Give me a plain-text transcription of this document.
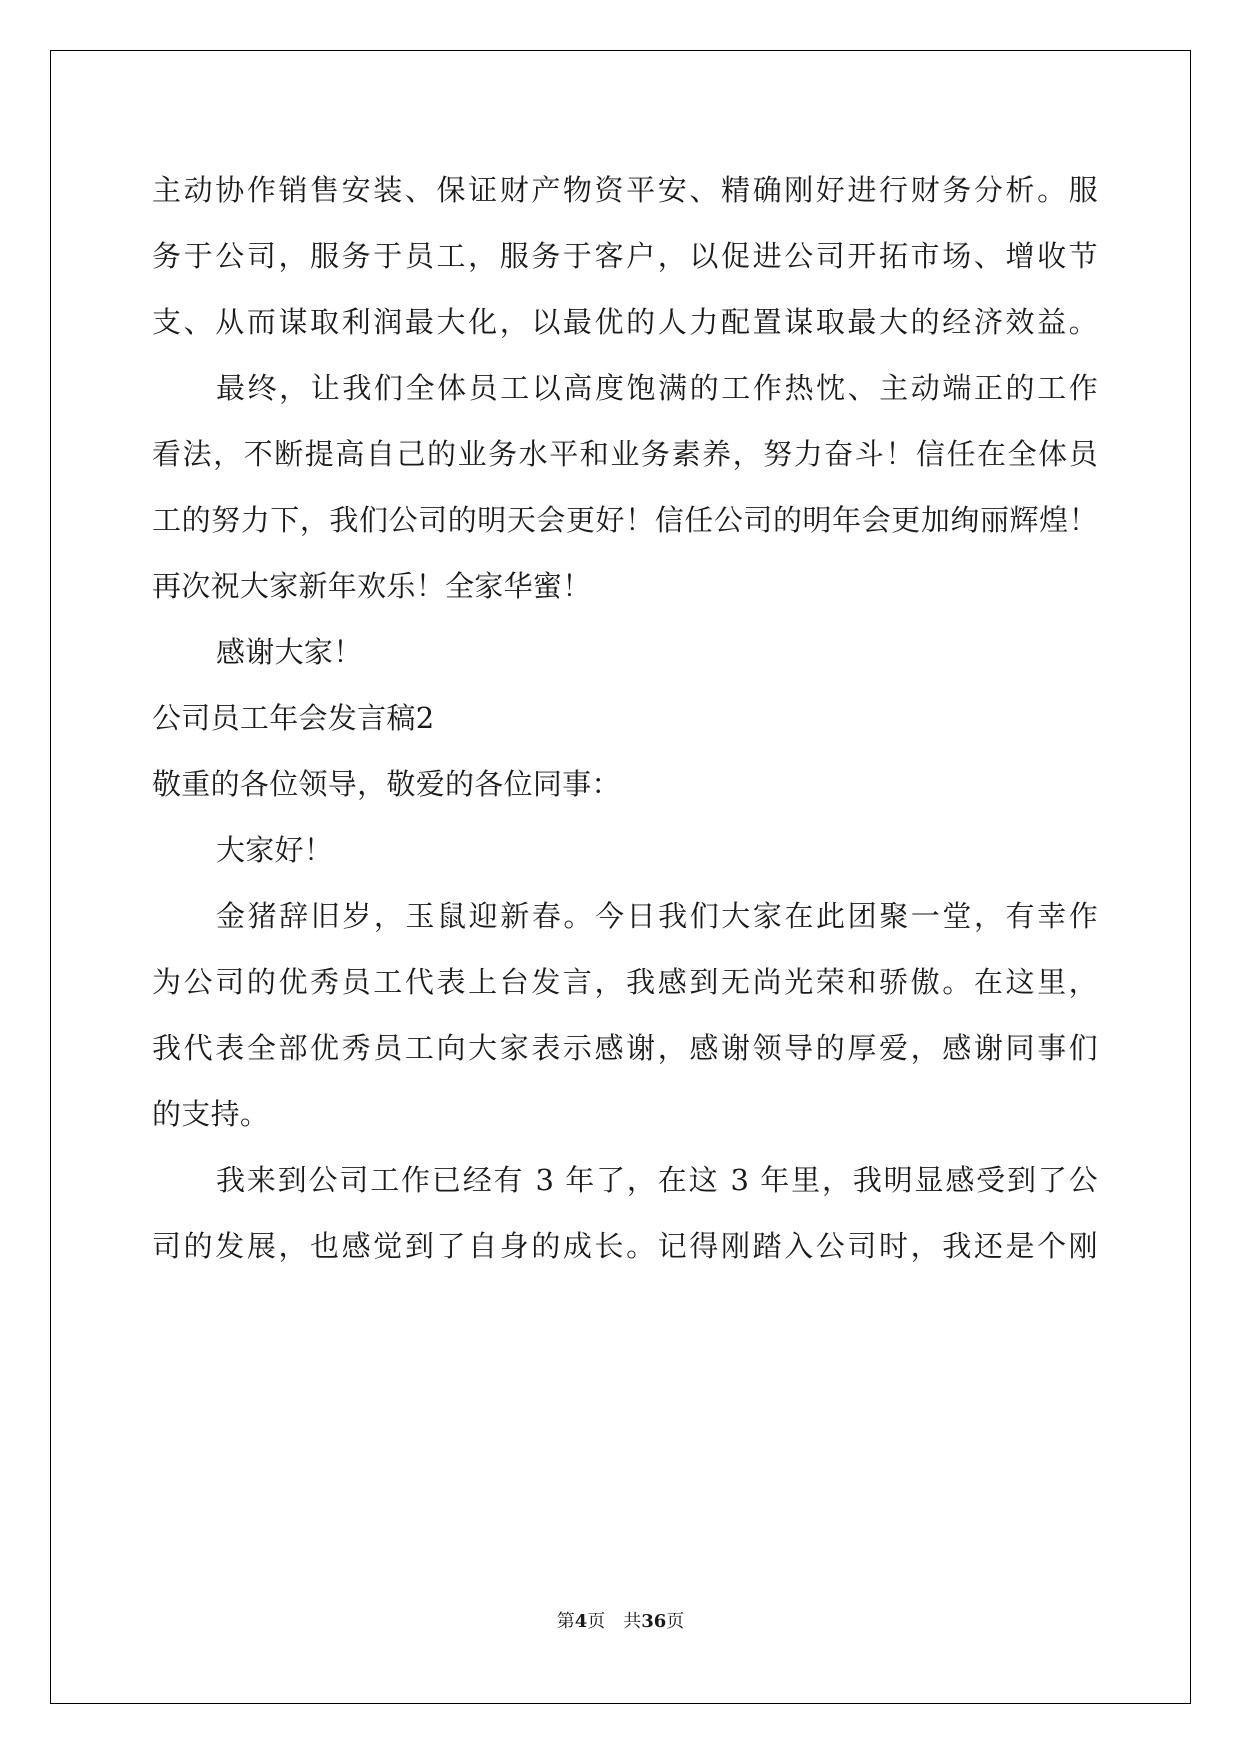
主动协作销售安装、保证财产物资平安、精确刚好进行财务分析。服
务于公司，服务于员工，服务于客户，以促进公司开拓市场、增收节
支、从而谋取利润最大化，以最优的人力配置谋取最大的经济效益。
最终，让我们全体员工以高度饱满的工作热忱、主动端正的工作
看法，不断提高自己的业务水平和业务素养，努力奋斗！信任在全体员
工的努力下，我们公司的明天会更好！信任公司的明年会更加绚丽辉煌！
再次祝大家新年欢乐！全家华蜜！
感谢大家！
公司员工年会发言稿2
敬重的各位领导，敬爱的各位同事：
大家好！
金猪辞旧岁，玉鼠迎新春。今日我们大家在此团聚一堂，有幸作
为公司的优秀员工代表上台发言，我感到无尚光荣和骄傲。在这里，
我代表全部优秀员工向大家表示感谢，感谢领导的厚爱，感谢同事们
的支持。
我来到公司工作已经有 3 年了，在这 3 年里，我明显感受到了公
司的发展，也感觉到了自身的成长。记得刚踏入公司时，我还是个刚
第4页 共36页
